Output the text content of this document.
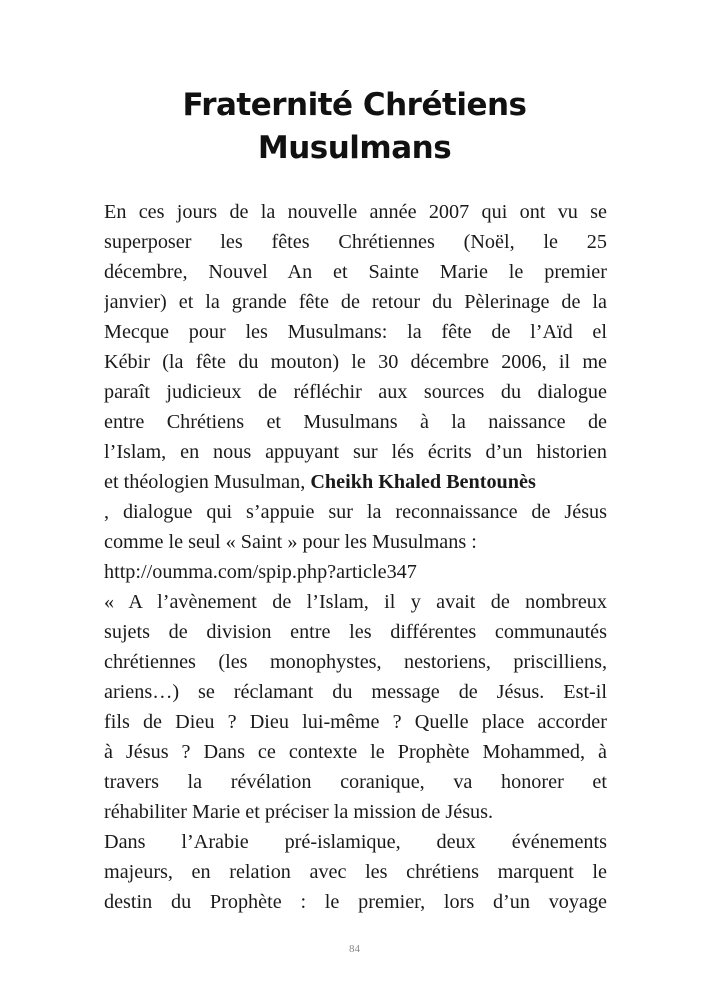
Fraternité Chrétiens
Musulmans
En ces jours de la nouvelle année 2007 qui ont vu se
superposer les fêtes Chrétiennes (Noël, le 25
décembre, Nouvel An et Sainte Marie le premier
janvier) et la grande fête de retour du Pèlerinage de la
Mecque pour les Musulmans: la fête de l’Aïd el
Kébir (la fête du mouton) le 30 décembre 2006, il me
paraît judicieux de réfléchir aux sources du dialogue
entre Chrétiens et Musulmans à la naissance de
l’Islam, en nous appuyant sur lés écrits d’un historien
et théologien Musulman, Cheikh Khaled Bentounès
, dialogue qui s’appuie sur la reconnaissance de Jésus
comme le seul « Saint » pour les Musulmans :
http://oumma.com/spip.php?article347
« A l’avènement de l’Islam, il y avait de nombreux
sujets de division entre les différentes communautés
chrétiennes (les monophystes, nestoriens, priscilliens,
ariens…) se réclamant du message de Jésus. Est-il
fils de Dieu ? Dieu lui-même ? Quelle place accorder
à Jésus ? Dans ce contexte le Prophète Mohammed, à
travers la révélation coranique, va honorer et
réhabiliter Marie et préciser la mission de Jésus.
Dans l’Arabie pré-islamique, deux événements
majeurs, en relation avec les chrétiens marquent le
destin du Prophète : le premier, lors d’un voyage
84
